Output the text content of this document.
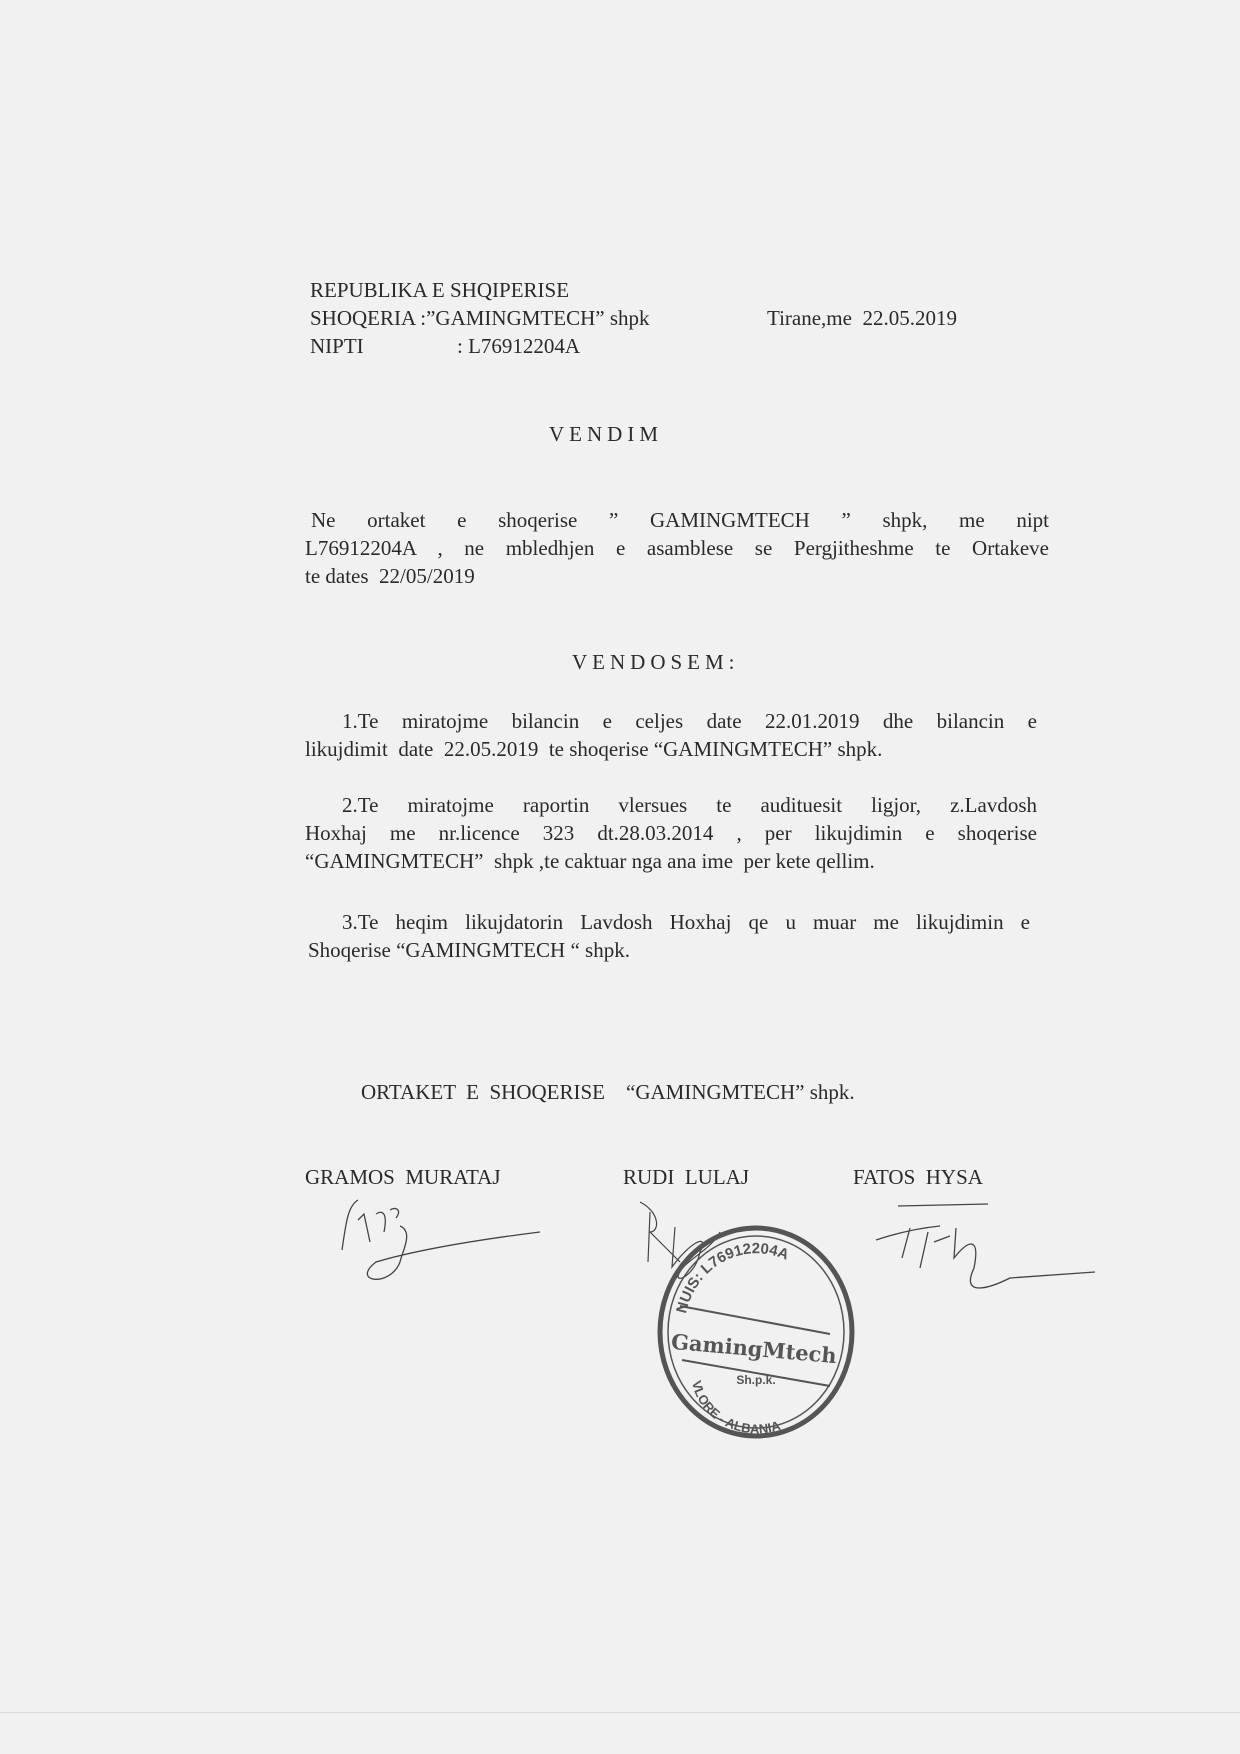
REPUBLIKA E SHQIPERISE
SHOQERIA :”GAMINGMTECH” shpk	Tirane,me  22.05.2019
NIPTI	: L76912204A
VENDIM
Ne ortaket e shoqerise ” GAMINGMTECH ” shpk, me nipt
L76912204A , ne mbledhjen e asamblese se Pergjitheshme te Ortakeve
te dates  22/05/2019
VENDOSEM:
1.Te miratojme bilancin e celjes date 22.01.2019 dhe bilancin e
likujdimit  date  22.05.2019  te shoqerise “GAMINGMTECH” shpk.
2.Te miratojme raportin vlersues te audituesit ligjor, z.Lavdosh
Hoxhaj me nr.licence 323 dt.28.03.2014 , per likujdimin e shoqerise
“GAMINGMTECH”  shpk ,te caktuar nga ana ime  per kete qellim.
3.Te heqim likujdatorin Lavdosh Hoxhaj qe u muar me likujdimin e
Shoqerise “GAMINGMTECH “ shpk.
ORTAKET  E  SHOQERISE    “GAMINGMTECH” shpk.
GRAMOS  MURATAJ	RUDI  LULAJ	FATOS  HYSA
NUIS: L76912204A
GamingMtech
Sh.p.k.
VLORE - ALBANIA
